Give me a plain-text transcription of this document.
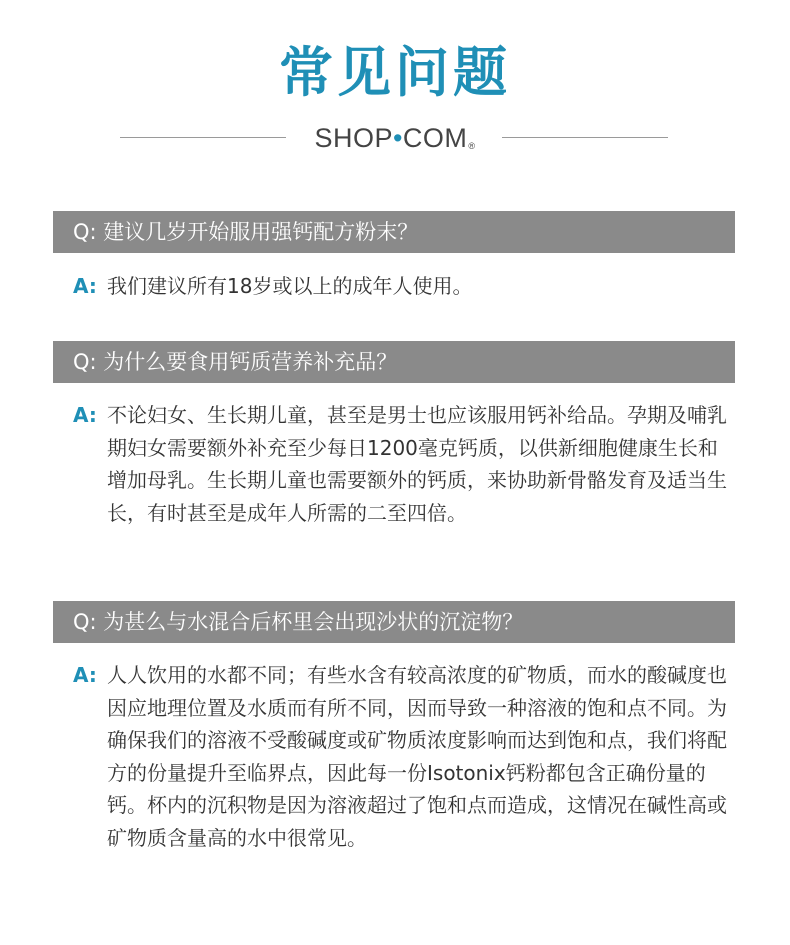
常见问题
SHOP•COM®
Q: 建议几岁开始服用强钙配方粉末？
A: 我们建议所有18岁或以上的成年人使用。
Q: 为什么要食用钙质营养补充品？
A: 不论妇女、生长期儿童，甚至是男士也应该服用钙补给品。孕期及哺乳期妇女需要额外补充至少每日1200毫克钙质，以供新细胞健康生长和增加母乳。生长期儿童也需要额外的钙质，来协助新骨骼发育及适当生长，有时甚至是成年人所需的二至四倍。
Q: 为甚么与水混合后杯里会出现沙状的沉淀物？
A: 人人饮用的水都不同；有些水含有较高浓度的矿物质，而水的酸碱度也因应地理位置及水质而有所不同，因而导致一种溶液的饱和点不同。为确保我们的溶液不受酸碱度或矿物质浓度影响而达到饱和点，我们将配方的份量提升至临界点，因此每一份Isotonix钙粉都包含正确份量的钙。杯内的沉积物是因为溶液超过了饱和点而造成，这情况在碱性高或矿物质含量高的水中很常见。
